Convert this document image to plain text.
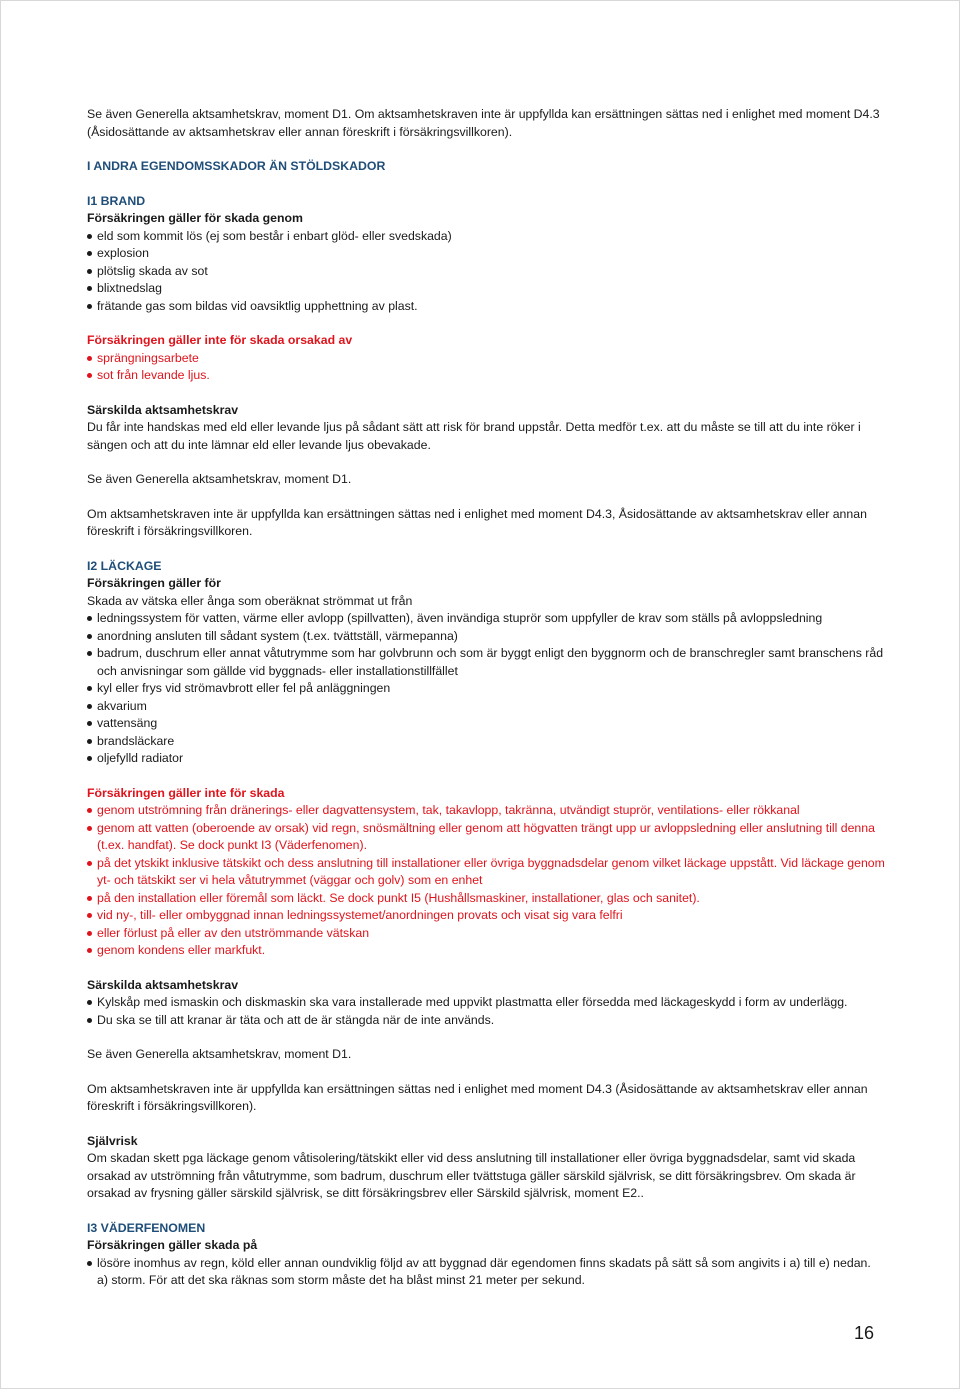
Se även Generella aktsamhetskrav, moment D1. Om aktsamhetskraven inte är uppfyllda kan ersättningen sättas ned i enlighet med moment D4.3 (Åsidosättande av aktsamhetskrav eller annan föreskrift i försäkringsvillkoren).

I ANDRA EGENDOMSSKADOR ÄN STÖLDSKADOR

I1 BRAND

Försäkringen gäller för skada genom

eld som kommit lös (ej som består i enbart glöd- eller svedskada)
explosion
plötslig skada av sot
blixtnedslag
frätande gas som bildas vid oavsiktlig upphettning av plast.

Försäkringen gäller inte för skada orsakad av

sprängningsarbete
sot från levande ljus.

Särskilda aktsamhetskrav

Du får inte handskas med eld eller levande ljus på sådant sätt att risk för brand uppstår. Detta medför t.ex. att du måste se till att du inte röker i sängen och att du inte lämnar eld eller levande ljus obevakade.

Se även Generella aktsamhetskrav, moment D1.

Om aktsamhetskraven inte är uppfyllda kan ersättningen sättas ned i enlighet med moment D4.3, Åsidosättande av aktsamhetskrav eller annan föreskrift i försäkringsvillkoren.

I2 LÄCKAGE

Försäkringen gäller för

Skada av vätska eller ånga som oberäknat strömmat ut från

ledningssystem för vatten, värme eller avlopp (spillvatten), även invändiga stuprör som uppfyller de krav som ställs på avloppsledning
anordning ansluten till sådant system (t.ex. tvättställ, värmepanna)
badrum, duschrum eller annat våtutrymme som har golvbrunn och som är byggt enligt den byggnorm och de branschregler samt branschens råd och anvisningar som gällde vid byggnads- eller installationstillfället
kyl eller frys vid strömavbrott eller fel på anläggningen
akvarium
vattensäng
brandsläckare
oljefylld radiator

Försäkringen gäller inte för skada

genom utströmning från dränerings- eller dagvattensystem, tak, takavlopp, takränna, utvändigt stuprör, ventilations- eller rökkanal
genom att vatten (oberoende av orsak) vid regn, snösmältning eller genom att högvatten trängt upp ur avloppsledning eller anslutning till denna (t.ex. handfat). Se dock punkt I3 (Väderfenomen).
på det ytskikt inklusive tätskikt och dess anslutning till installationer eller övriga byggnadsdelar genom vilket läckage uppstått. Vid läckage genom yt- och tätskikt ser vi hela våtutrymmet (väggar och golv) som en enhet
på den installation eller föremål som läckt. Se dock punkt I5 (Hushållsmaskiner, installationer, glas och sanitet).
vid ny-, till- eller ombyggnad innan ledningssystemet/anordningen provats och visat sig vara felfri
eller förlust på eller av den utströmmande vätskan
genom kondens eller markfukt.

Särskilda aktsamhetskrav

Kylskåp med ismaskin och diskmaskin ska vara installerade med uppvikt plastmatta eller försedda med läckageskydd i form av underlägg.
Du ska se till att kranar är täta och att de är stängda när de inte används.

Se även Generella aktsamhetskrav, moment D1.

Om aktsamhetskraven inte är uppfyllda kan ersättningen sättas ned i enlighet med moment D4.3 (Åsidosättande av aktsamhetskrav eller annan föreskrift i försäkringsvillkoren).

Självrisk

Om skadan skett pga läckage genom våtisolering/tätskikt eller vid dess anslutning till installationer eller övriga byggnadsdelar, samt vid skada orsakad av utströmning från våtutrymme, som badrum, duschrum eller tvättstuga gäller särskild självrisk, se ditt försäkringsbrev. Om skada är orsakad av frysning gäller särskild självrisk, se ditt försäkringsbrev eller Särskild självrisk, moment E2..

I3 VÄDERFENOMEN

Försäkringen gäller skada på

lösöre inomhus av regn, köld eller annan oundviklig följd av att byggnad där egendomen finns skadats på sätt så som angivits i a) till e) nedan.

a) storm. För att det ska räknas som storm måste det ha blåst minst 21 meter per sekund.

16
